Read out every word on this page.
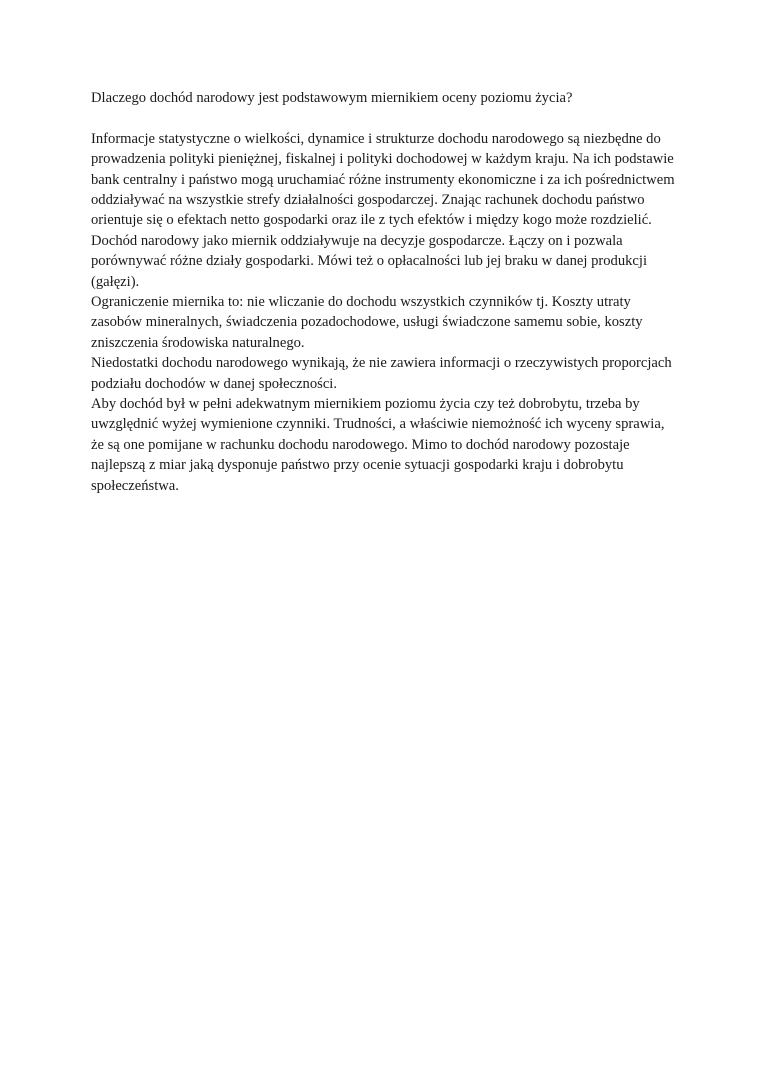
Dlaczego dochód narodowy jest podstawowym miernikiem oceny poziomu życia?

Informacje statystyczne o wielkości, dynamice i strukturze dochodu narodowego są niezbędne do prowadzenia polityki pieniężnej, fiskalnej i polityki dochodowej w każdym kraju. Na ich podstawie bank centralny i państwo mogą uruchamiać różne instrumenty ekonomiczne i za ich pośrednictwem oddziaływać na wszystkie strefy działalności gospodarczej. Znając rachunek dochodu państwo orientuje się o efektach netto gospodarki oraz ile z tych efektów i między kogo może rozdzielić. Dochód narodowy jako miernik oddziaływuje na decyzje gospodarcze. Łączy on i pozwala porównywać różne działy gospodarki. Mówi też o opłacalności lub jej braku w danej produkcji (gałęzi).

Ograniczenie miernika to: nie wliczanie do dochodu wszystkich czynników tj. Koszty utraty zasobów mineralnych, świadczenia pozadochodowe, usługi świadczone samemu sobie, koszty zniszczenia środowiska naturalnego.

Niedostatki dochodu narodowego wynikają, że nie zawiera informacji o rzeczywistych proporcjach podziału dochodów w danej społeczności.

Aby dochód był w pełni adekwatnym miernikiem poziomu życia czy też dobrobytu, trzeba by uwzględnić wyżej wymienione czynniki. Trudności, a właściwie niemożność ich wyceny sprawia, że są one pomijane w rachunku dochodu narodowego. Mimo to dochód narodowy pozostaje najlepszą z miar jaką dysponuje państwo przy ocenie sytuacji gospodarki kraju i dobrobytu społeczeństwa.
